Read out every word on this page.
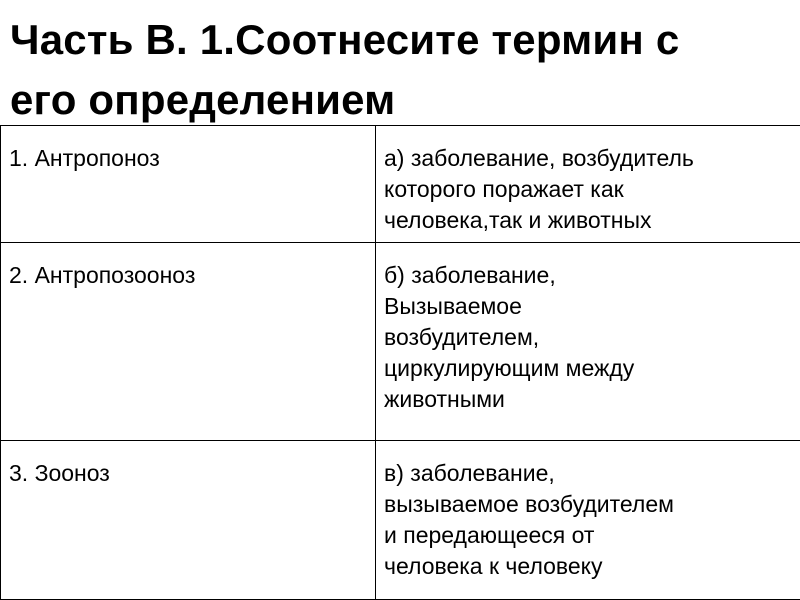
Часть В. 1.Соотнесите термин с
его определением
1. Антропоноз	а) заболевание, возбудитель
которого поражает как
человека,так и животных

2. Антропозооноз	б) заболевание,
Вызываемое
возбудителем,
циркулирующим между
животными

3. Зооноз	в) заболевание,
вызываемое возбудителем
и передающееся от
человека к человеку
